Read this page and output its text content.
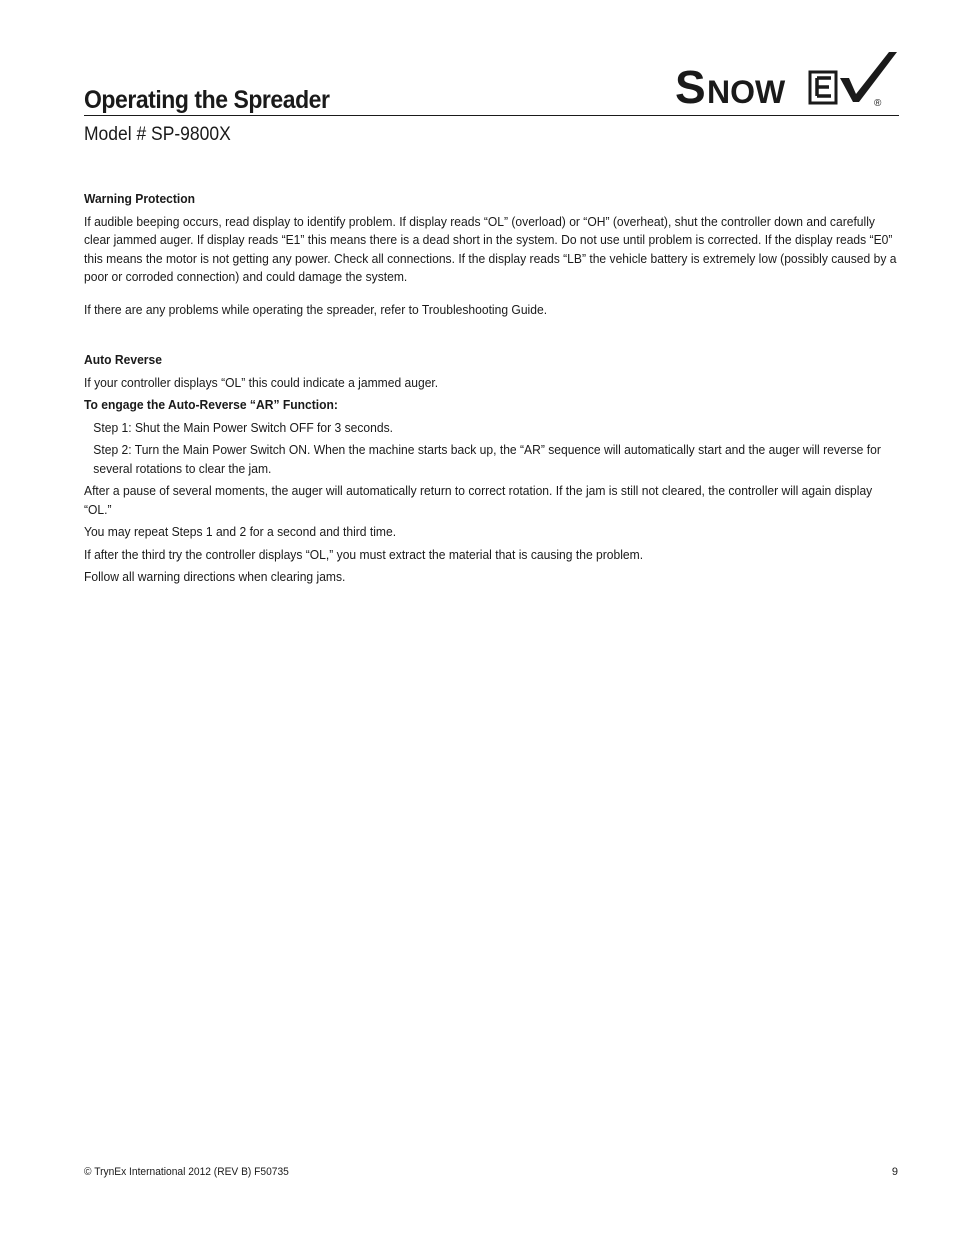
Operating the Spreader	S NOW	®
Model # SP-9800X

Warning Protection

If audible beeping occurs, read display to identify problem. If display reads “OL” (overload) or “OH” (overheat), shut the controller down and carefully clear jammed auger. If display reads “E1” this means there is a dead short in the system. Do not use until problem is corrected. If the display reads “E0” this means the motor is not getting any power. Check all connections. If the display reads “LB” the vehicle battery is extremely low (possibly caused by a poor or corroded connection) and could damage the system.

If there are any problems while operating the spreader, refer to Troubleshooting Guide.

Auto Reverse

If your controller displays “OL” this could indicate a jammed auger.

To engage the Auto-Reverse “AR” Function:

Step 1: Shut the Main Power Switch OFF for 3 seconds.

Step 2: Turn the Main Power Switch ON. When the machine starts back up, the “AR” sequence will automatically start and the auger will reverse for several rotations to clear the jam.

After a pause of several moments, the auger will automatically return to correct rotation. If the jam is still not cleared, the controller will again display “OL.”

You may repeat Steps 1 and 2 for a second and third time.

If after the third try the controller displays “OL,” you must extract the material that is causing the problem.

Follow all warning directions when clearing jams.

© TrynEx International 2012 (REV B) F50735	9
